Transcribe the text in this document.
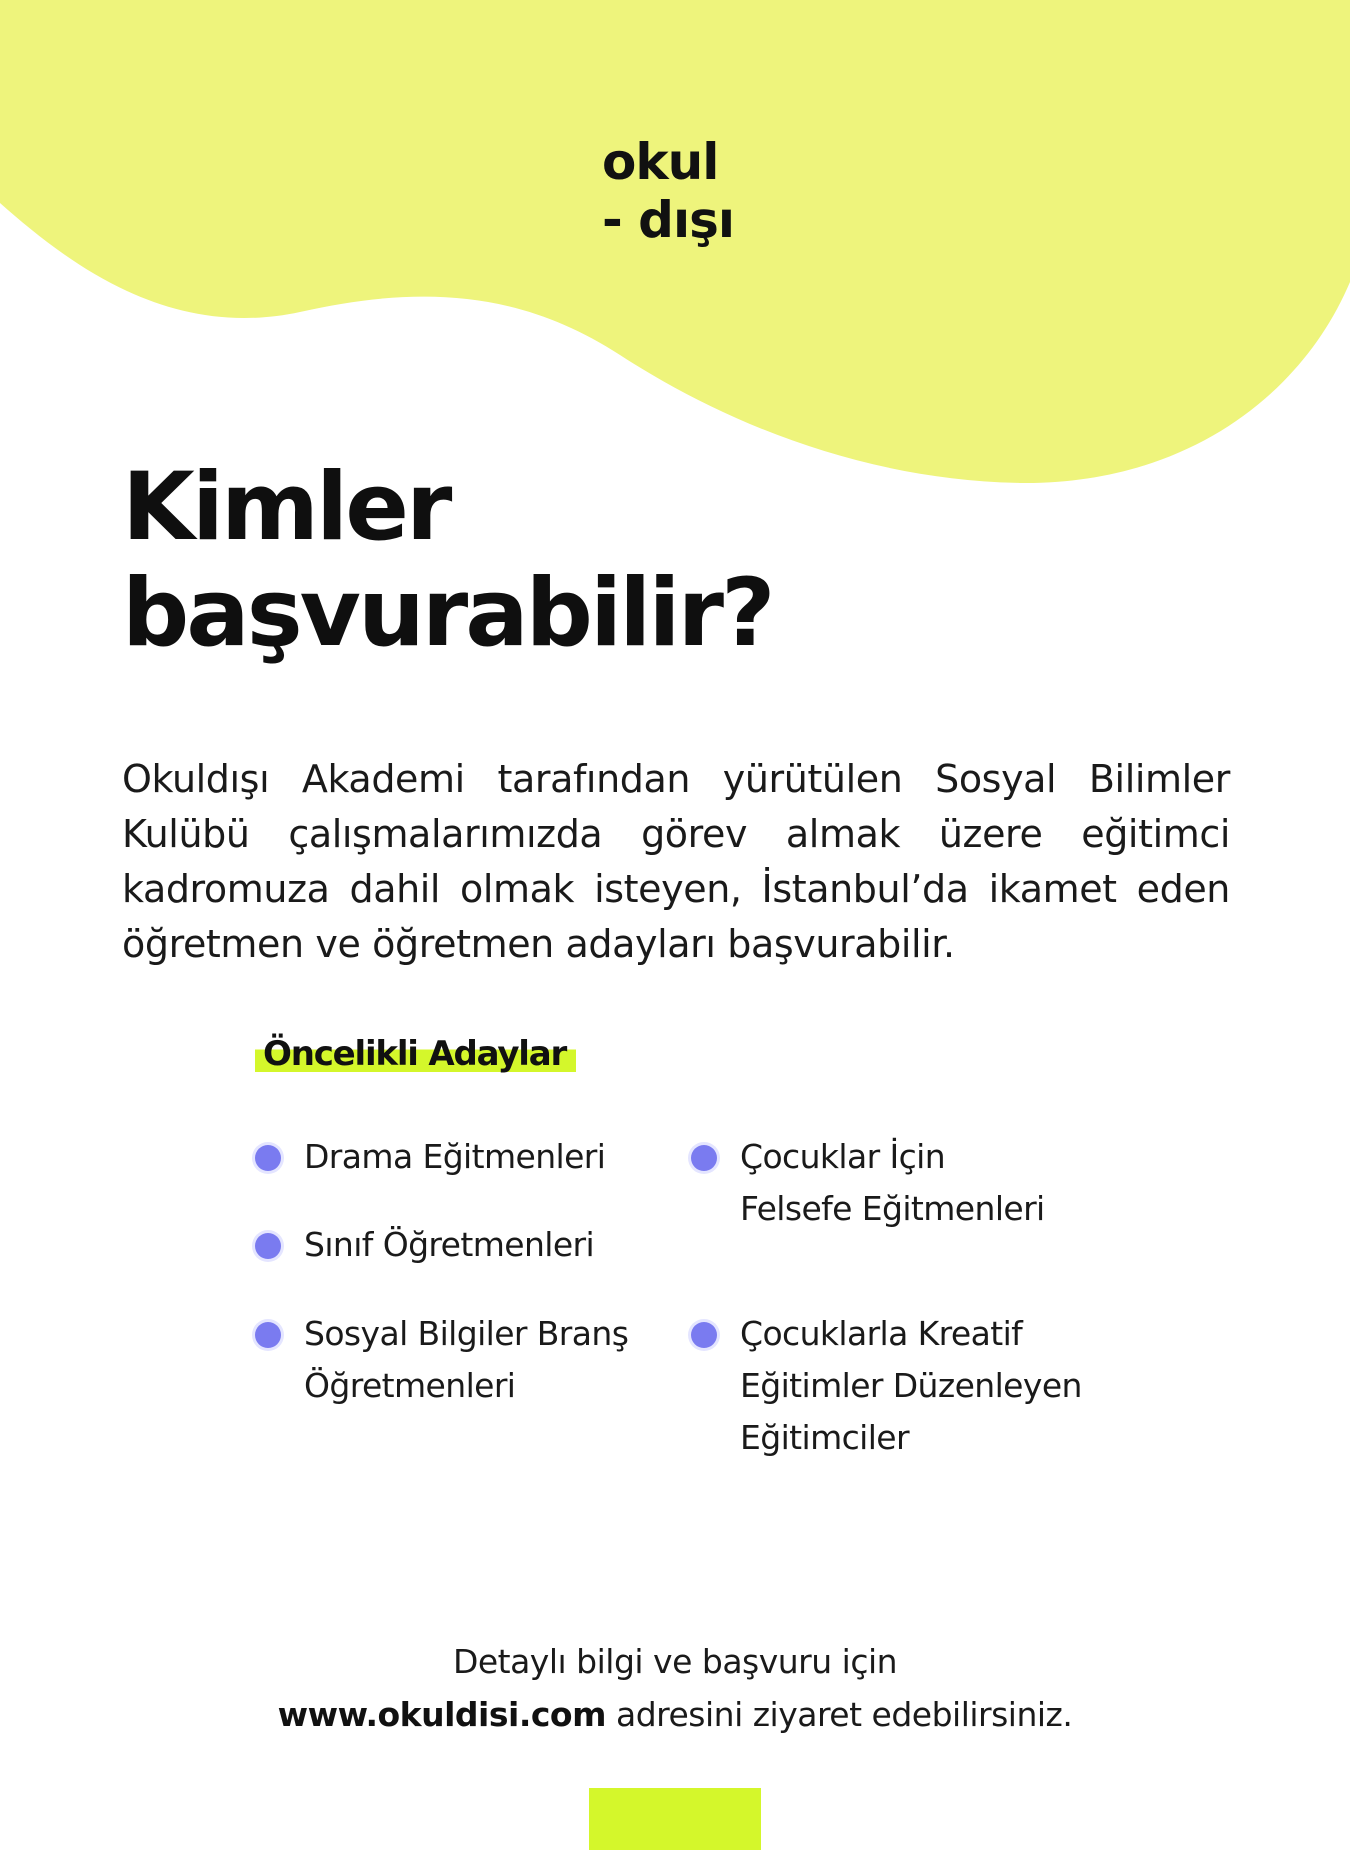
okul
- dışı
Kimler
başvurabilir?

Okuldışı Akademi tarafından yürütülen Sosyal Bilimler Kulübü çalışmalarımızda görev almak üzere eğitimci kadromuza dahil olmak isteyen, İstanbul’da ikamet eden öğretmen ve öğretmen adayları başvurabilir.

Öncelikli Adaylar
Drama Eğitmenleri
Sınıf Öğretmenleri
Sosyal Bilgiler Branş
Öğretmenleri
Çocuklar İçin
Felsefe Eğitmenleri
Çocuklarla Kreatif
Eğitimler Düzenleyen
Eğitimciler
Detaylı bilgi ve başvuru için
www.okuldisi.com adresini ziyaret edebilirsiniz.
